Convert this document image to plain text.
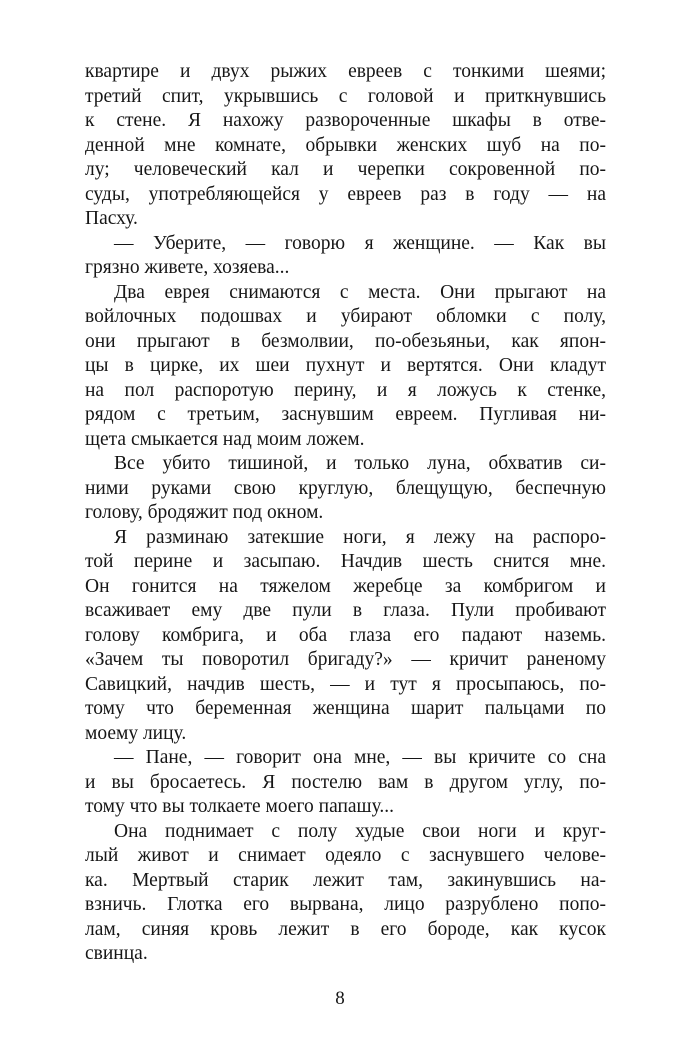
квартире и двух рыжих евреев с тонкими шеями;
третий спит, укрывшись с головой и приткнувшись
к стене. Я нахожу развороченные шкафы в отве-
денной мне комнате, обрывки женских шуб на по-
лу; человеческий кал и черепки сокровенной по-
суды, употребляющейся у евреев раз в году — на
Пасху.
— Уберите, — говорю я женщине. — Как вы
грязно живете, хозяева...
Два еврея снимаются с места. Они прыгают на
войлочных подошвах и убирают обломки с полу,
они прыгают в безмолвии, по-обезьяньи, как япон-
цы в цирке, их шеи пухнут и вертятся. Они кладут
на пол распоротую перину, и я ложусь к стенке,
рядом с третьим, заснувшим евреем. Пугливая ни-
щета смыкается над моим ложем.
Все убито тишиной, и только луна, обхватив си-
ними руками свою круглую, блещущую, беспечную
голову, бродяжит под окном.
Я разминаю затекшие ноги, я лежу на распоро-
той перине и засыпаю. Начдив шесть снится мне.
Он гонится на тяжелом жеребце за комбригом и
всаживает ему две пули в глаза. Пули пробивают
голову комбрига, и оба глаза его падают наземь.
«Зачем ты поворотил бригаду?» — кричит раненому
Савицкий, начдив шесть, — и тут я просыпаюсь, по-
тому что беременная женщина шарит пальцами по
моему лицу.
— Пане, — говорит она мне, — вы кричите со сна
и вы бросаетесь. Я постелю вам в другом углу, по-
тому что вы толкаете моего папашу...
Она поднимает с полу худые свои ноги и круг-
лый живот и снимает одеяло с заснувшего челове-
ка. Мертвый старик лежит там, закинувшись на-
взничь. Глотка его вырвана, лицо разрублено попо-
лам, синяя кровь лежит в его бороде, как кусок
свинца.
8
